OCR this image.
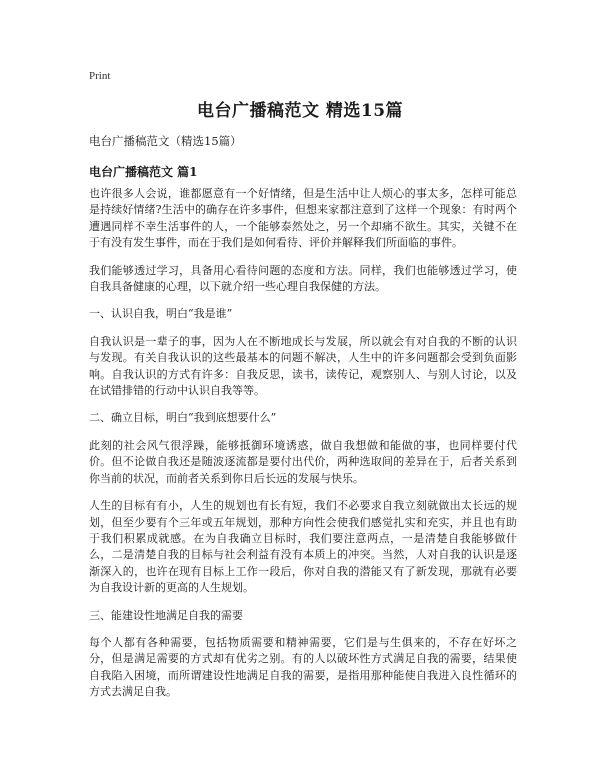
Print
电台广播稿范文 精选15篇
电台广播稿范文（精选15篇）
电台广播稿范文 篇1

也许很多人会说，谁都愿意有一个好情绪，但是生活中让人烦心的事太多，怎样可能总是持续好情绪?生活中的确存在许多事件，但想来家都注意到了这样一个现象：有时两个遭遇同样不幸生活事件的人，一个能够泰然处之，另一个却痛不欲生。其实，关键不在于有没有发生事件，而在于我们是如何看待、评价并解释我们所面临的事件。

我们能够透过学习，具备用心看待问题的态度和方法。同样，我们也能够透过学习，使自我具备健康的心理，以下就介绍一些心理自我保健的方法。

一、认识自我，明白“我是谁”

自我认识是一辈子的事，因为人在不断地成长与发展，所以就会有对自我的不断的认识与发现。有关自我认识的这些最基本的问题不解决，人生中的许多问题都会受到负面影响。自我认识的方式有许多：自我反思，读书，读传记，观察别人、与别人讨论，以及在试错排错的行动中认识自我等等。

二、确立目标，明白“我到底想要什么”

此刻的社会风气很浮躁，能够抵御环境诱惑，做自我想做和能做的事，也同样要付代价。但不论做自我还是随波逐流都是要付出代价，两种选取间的差异在于，后者关系到你当前的状况，而前者关系到你日后长远的发展与快乐。

人生的目标有有小，人生的规划也有长有短，我们不必要求自我立刻就做出太长远的规划，但至少要有个三年或五年规划，那种方向性会使我们感觉扎实和充实，并且也有助于我们积累成就感。在为自我确立目标时，我们要注意两点，一是清楚自我能够做什么，二是清楚自我的目标与社会利益有没有本质上的冲突。当然，人对自我的认识是逐渐深入的，也许在现有目标上工作一段后，你对自我的潜能又有了新发现，那就有必要为自我设计新的更高的人生规划。

三、能建设性地满足自我的需要

每个人都有各种需要，包括物质需要和精神需要，它们是与生俱来的，不存在好坏之分，但是满足需要的方式却有优劣之别。有的人以破坏性方式满足自我的需要，结果使自我陷入困境，而所谓建设性地满足自我的需要，是指用那种能使自我进入良性循环的方式去满足自我。
